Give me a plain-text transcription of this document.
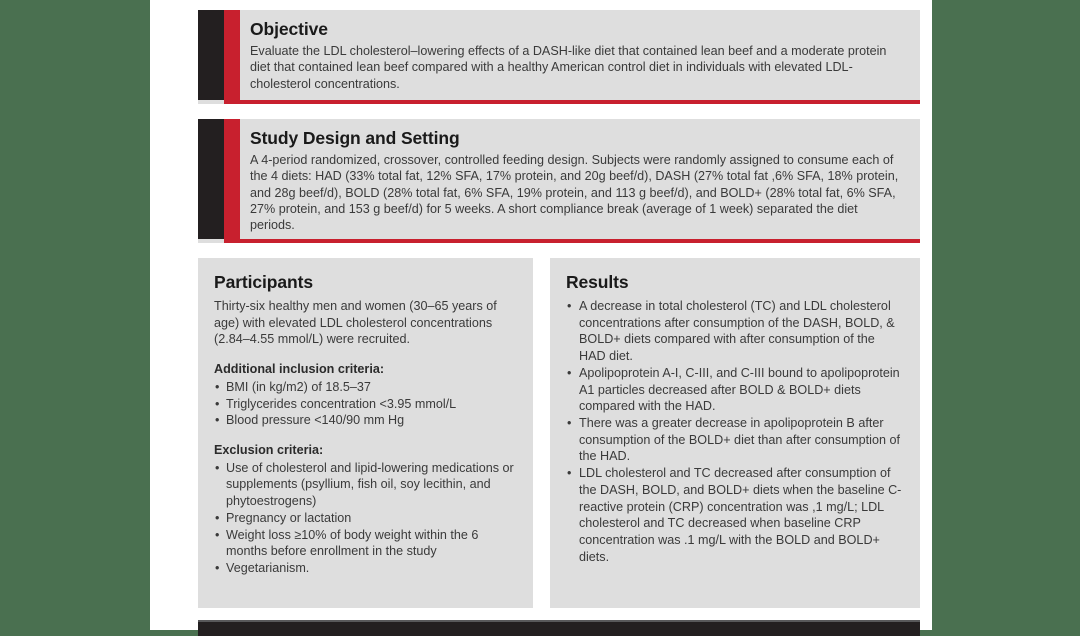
Objective

Evaluate the LDL cholesterol–lowering effects of a DASH-like diet that contained lean beef and a moderate protein diet that contained lean beef compared with a healthy American control diet in individuals with elevated LDL-cholesterol concentrations.

Study Design and Setting

A 4-period randomized, crossover, controlled feeding design. Subjects were randomly assigned to consume each of the 4 diets: HAD (33% total fat, 12% SFA, 17% protein, and 20g beef/d), DASH (27% total fat ,6% SFA, 18% protein, and 28g beef/d), BOLD (28% total fat, 6% SFA, 19% protein, and 113 g beef/d), and BOLD+ (28% total fat, 6% SFA, 27% protein, and 153 g beef/d) for 5 weeks. A short compliance break (average of 1 week) separated the diet periods.

Participants

Thirty-six healthy men and women (30–65 years of age) with elevated LDL cholesterol concentrations (2.84–4.55 mmol/L) were recruited.

Additional inclusion criteria:
• BMI (in kg/m2) of 18.5–37
• Triglycerides concentration <3.95 mmol/L
• Blood pressure <140/90 mm Hg
Exclusion criteria:
• Use of cholesterol and lipid-lowering medications or supplements (psyllium, fish oil, soy lecithin, and phytoestrogens)
• Pregnancy or lactation
• Weight loss ≥10% of body weight within the 6 months before enrollment in the study
• Vegetarianism.
Results
• A decrease in total cholesterol (TC) and LDL cholesterol concentrations after consumption of the DASH, BOLD, & BOLD+ diets compared with after consumption of the HAD diet.
• Apolipoprotein A-I, C-III, and C-III bound to apolipoprotein A1 particles decreased after BOLD & BOLD+ diets compared with the HAD.
• There was a greater decrease in apolipoprotein B after consumption of the BOLD+ diet than after consumption of the HAD.
• LDL cholesterol and TC decreased after consumption of the DASH, BOLD, and BOLD+ diets when the baseline C-reactive protein (CRP) concentration was ,1 mg/L; LDL cholesterol and TC decreased when baseline CRP concentration was .1 mg/L with the BOLD and BOLD+ diets.
